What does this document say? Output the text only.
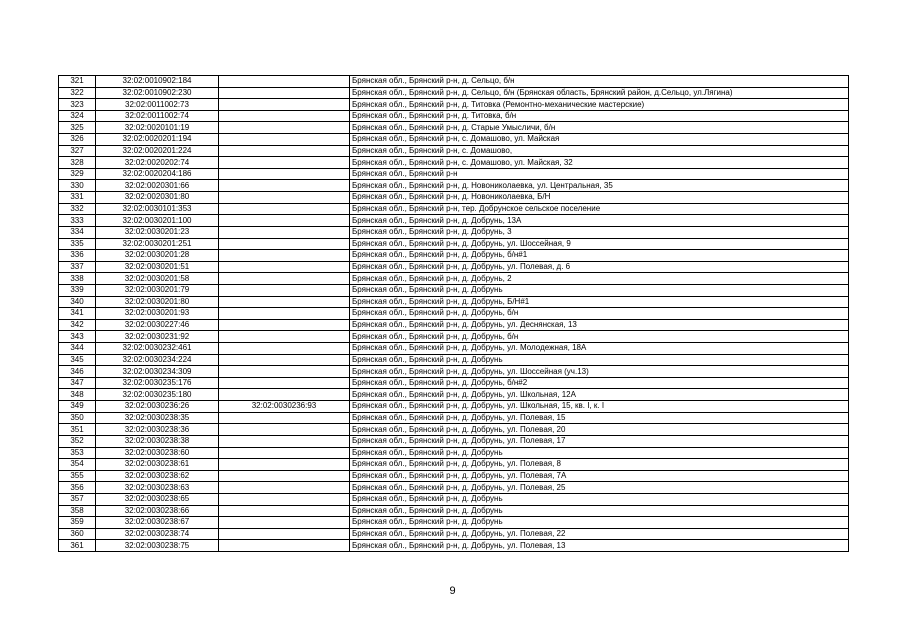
321	32:02:0010902:184		Брянская обл., Брянский р-н, д. Сельцо, б/н
322	32:02:0010902:230		Брянская обл., Брянский р-н, д. Сельцо, б/н (Брянская область, Брянский район, д.Сельцо, ул.Лягина)
323	32:02:0011002:73		Брянская обл., Брянский р-н, д. Титовка (Ремонтно-механические мастерские)
324	32:02:0011002:74		Брянская обл., Брянский р-н, д. Титовка, б/н
325	32:02:0020101:19		Брянская обл., Брянский р-н, д. Старые Умысличи, б/н
326	32:02:0020201:194		Брянская обл., Брянский р-н, с. Домашово, ул. Майская
327	32:02:0020201:224		Брянская обл., Брянский р-н, с. Домашово,
328	32:02:0020202:74		Брянская обл., Брянский р-н, с. Домашово, ул. Майская, 32
329	32:02:0020204:186		Брянская обл., Брянский р-н
330	32:02:0020301:66		Брянская обл., Брянский р-н, д. Новониколаевка, ул. Центральная, 35
331	32:02:0020301:80		Брянская обл., Брянский р-н, д. Новониколаевка, Б/Н
332	32:02:0030101:353		Брянская обл., Брянский р-н, тер. Добрунское сельское поселение
333	32:02:0030201:100		Брянская обл., Брянский р-н, д. Добрунь, 13А
334	32:02:0030201:23		Брянская обл., Брянский р-н, д. Добрунь, 3
335	32:02:0030201:251		Брянская обл., Брянский р-н, д. Добрунь, ул. Шоссейная, 9
336	32:02:0030201:28		Брянская обл., Брянский р-н, д. Добрунь, б/н#1
337	32:02:0030201:51		Брянская обл., Брянский р-н, д. Добрунь, ул. Полевая, д. 6
338	32:02:0030201:58		Брянская обл., Брянский р-н, д. Добрунь, 2
339	32:02:0030201:79		Брянская обл., Брянский р-н, д. Добрунь
340	32:02:0030201:80		Брянская обл., Брянский р-н, д. Добрунь, Б/Н#1
341	32:02:0030201:93		Брянская обл., Брянский р-н, д. Добрунь, б/н
342	32:02:0030227:46		Брянская обл., Брянский р-н, д. Добрунь, ул. Деснянская, 13
343	32:02:0030231:92		Брянская обл., Брянский р-н, д. Добрунь, б/н
344	32:02:0030232:461		Брянская обл., Брянский р-н, д. Добрунь, ул. Молодежная, 18А
345	32:02:0030234:224		Брянская обл., Брянский р-н, д. Добрунь
346	32:02:0030234:309		Брянская обл., Брянский р-н, д. Добрунь, ул. Шоссейная (уч.13)
347	32:02:0030235:176		Брянская обл., Брянский р-н, д. Добрунь, б/н#2
348	32:02:0030235:180		Брянская обл., Брянский р-н, д. Добрунь, ул. Школьная, 12А
349	32:02:0030236:26	32:02:0030236:93	Брянская обл., Брянский р-н, д. Добрунь, ул. Школьная, 15, кв. I, к. I
350	32:02:0030238:35		Брянская обл., Брянский р-н, д. Добрунь, ул. Полевая, 15
351	32:02:0030238:36		Брянская обл., Брянский р-н, д. Добрунь, ул. Полевая, 20
352	32:02:0030238:38		Брянская обл., Брянский р-н, д. Добрунь, ул. Полевая, 17
353	32:02:0030238:60		Брянская обл., Брянский р-н, д. Добрунь
354	32:02:0030238:61		Брянская обл., Брянский р-н, д. Добрунь, ул. Полевая, 8
355	32:02:0030238:62		Брянская обл., Брянский р-н, д. Добрунь, ул. Полевая, 7А
356	32:02:0030238:63		Брянская обл., Брянский р-н, д. Добрунь, ул. Полевая, 25
357	32:02:0030238:65		Брянская обл., Брянский р-н, д. Добрунь
358	32:02:0030238:66		Брянская обл., Брянский р-н, д. Добрунь
359	32:02:0030238:67		Брянская обл., Брянский р-н, д. Добрунь
360	32:02:0030238:74		Брянская обл., Брянский р-н, д. Добрунь, ул. Полевая, 22
361	32:02:0030238:75		Брянская обл., Брянский р-н, д. Добрунь, ул. Полевая, 13
9
